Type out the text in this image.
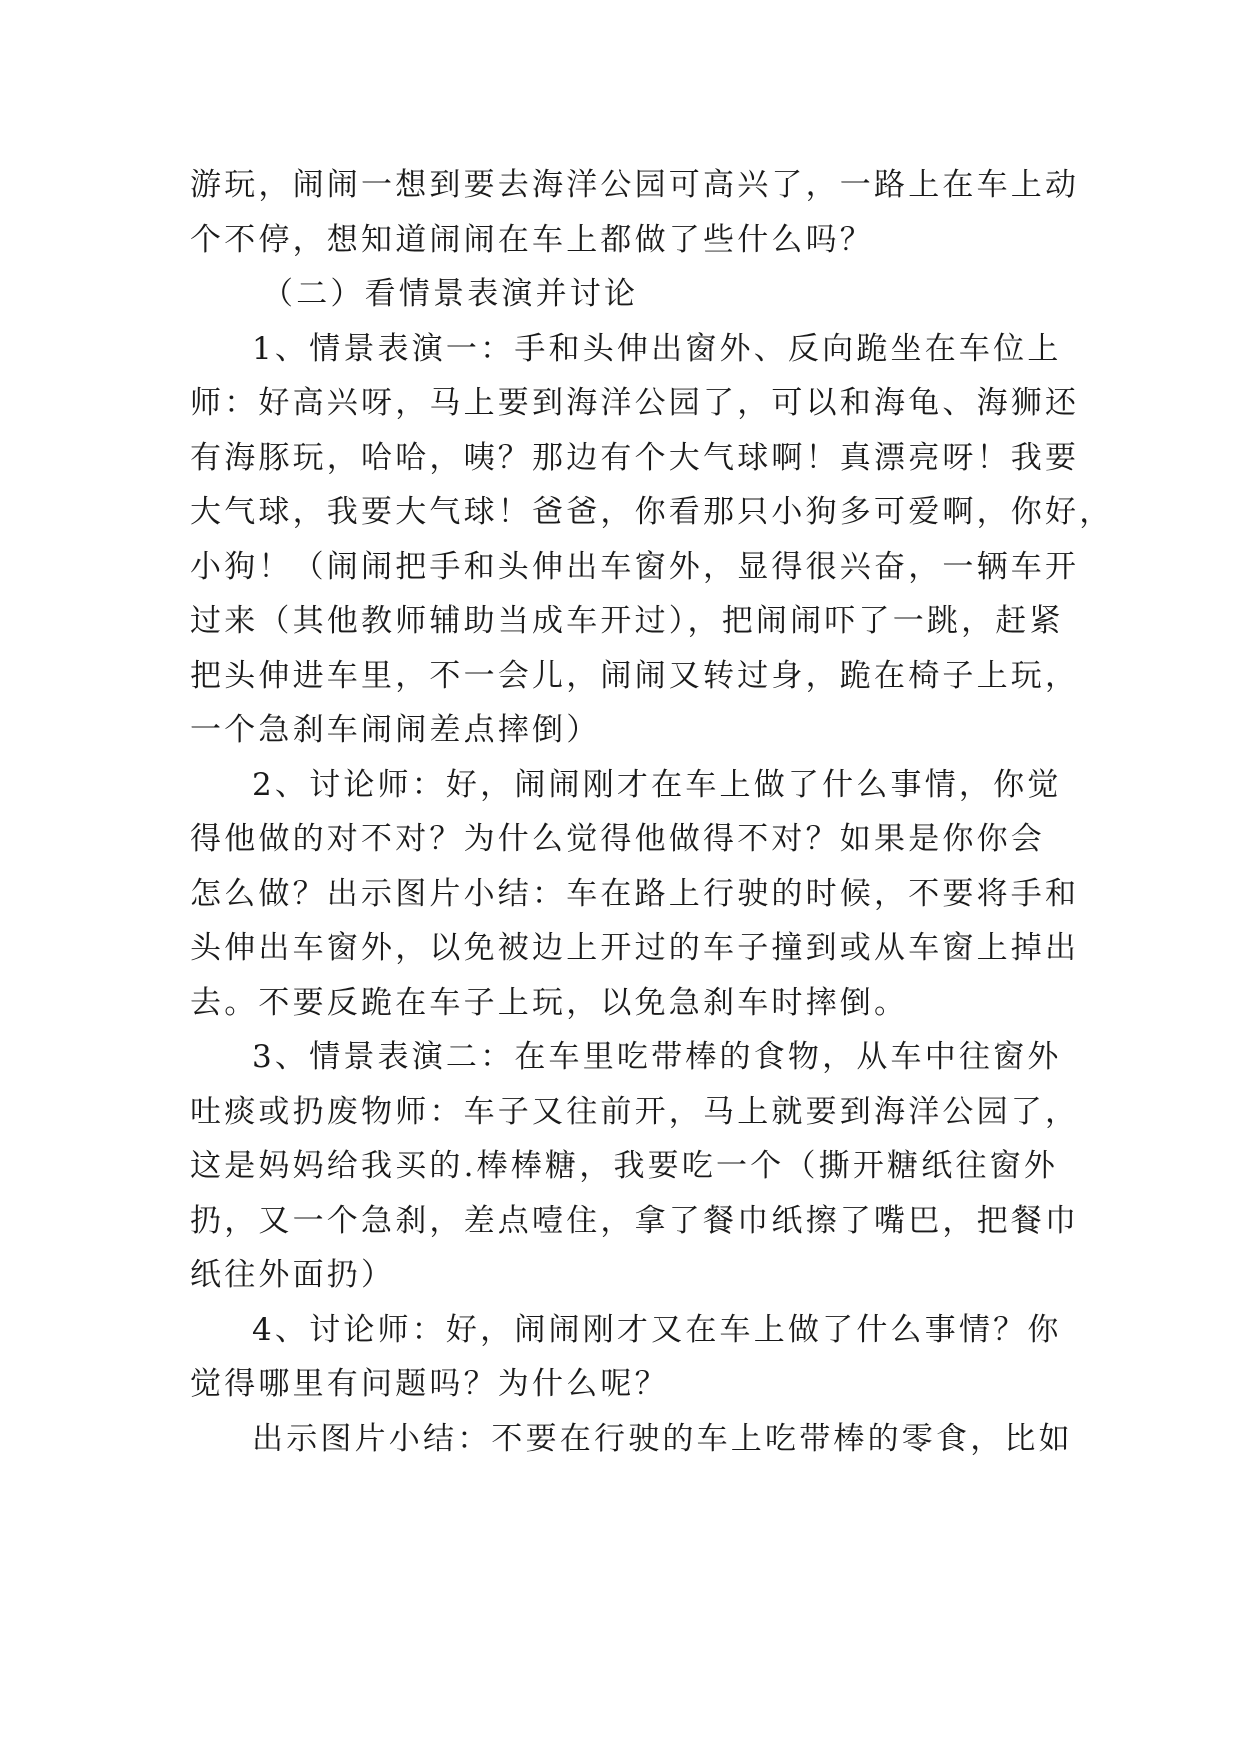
游玩，闹闹一想到要去海洋公园可高兴了，一路上在车上动
个不停，想知道闹闹在车上都做了些什么吗？
（二）看情景表演并讨论
1、情景表演一：手和头伸出窗外、反向跪坐在车位上
师：好高兴呀，马上要到海洋公园了，可以和海龟、海狮还
有海豚玩，哈哈，咦？那边有个大气球啊！真漂亮呀！我要
大气球，我要大气球！爸爸，你看那只小狗多可爱啊，你好，
小狗！（闹闹把手和头伸出车窗外，显得很兴奋，一辆车开
过来（其他教师辅助当成车开过），把闹闹吓了一跳，赶紧
把头伸进车里，不一会儿，闹闹又转过身，跪在椅子上玩，
一个急刹车闹闹差点摔倒）
2、讨论师：好，闹闹刚才在车上做了什么事情，你觉
得他做的对不对？为什么觉得他做得不对？如果是你你会
怎么做？出示图片小结：车在路上行驶的时候，不要将手和
头伸出车窗外，以免被边上开过的车子撞到或从车窗上掉出
去。不要反跪在车子上玩，以免急刹车时摔倒。
3、情景表演二：在车里吃带棒的食物，从车中往窗外
吐痰或扔废物师：车子又往前开，马上就要到海洋公园了，
这是妈妈给我买的.棒棒糖，我要吃一个（撕开糖纸往窗外
扔，又一个急刹，差点噎住，拿了餐巾纸擦了嘴巴，把餐巾
纸往外面扔）
4、讨论师：好，闹闹刚才又在车上做了什么事情？你
觉得哪里有问题吗？为什么呢？
出示图片小结：不要在行驶的车上吃带棒的零食，比如
